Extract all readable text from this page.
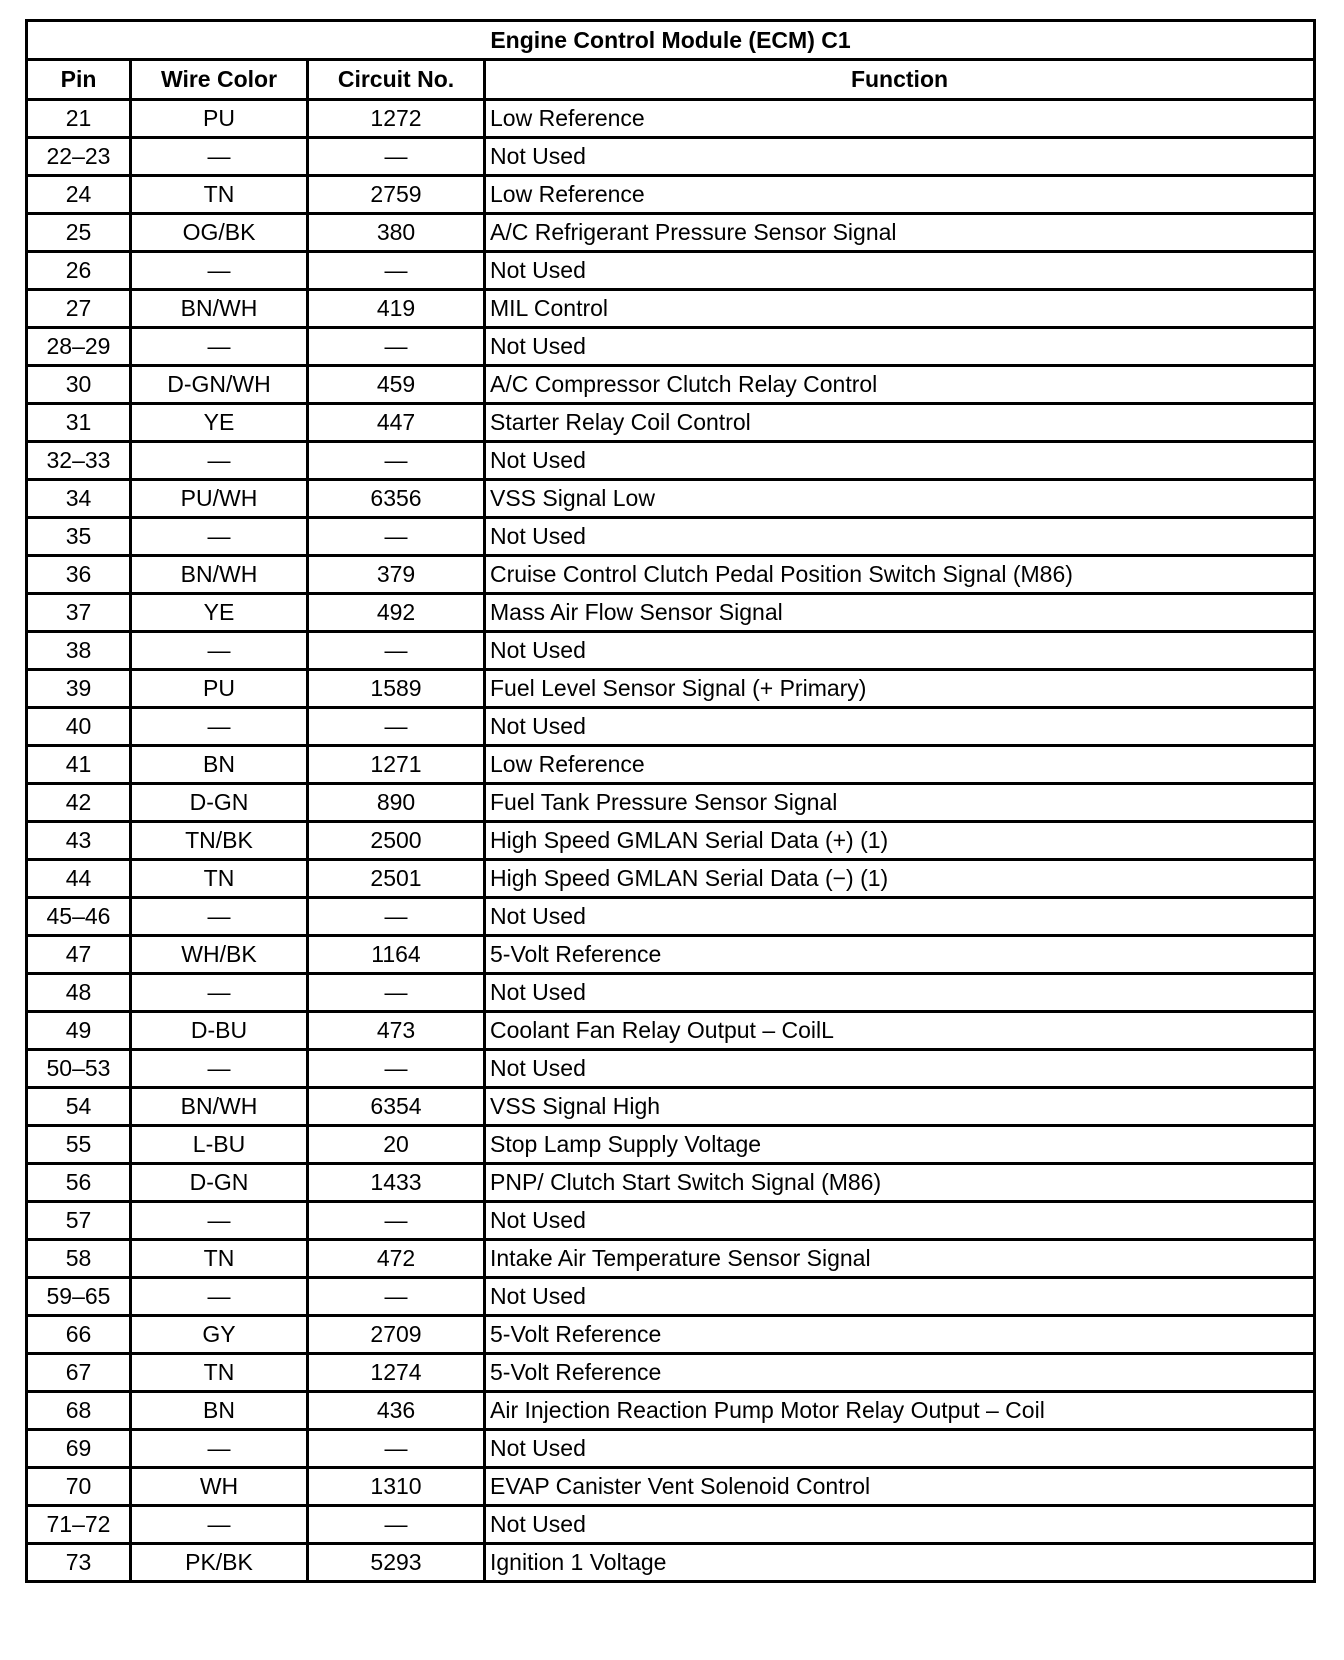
Engine Control Module (ECM) C1			
Pin	Wire Color	Circuit No.	Function
21	PU	1272	Low Reference
22–23	—	—	Not Used
24	TN	2759	Low Reference
25	OG/BK	380	A/C Refrigerant Pressure Sensor Signal
26	—	—	Not Used
27	BN/WH	419	MIL Control
28–29	—	—	Not Used
30	D-GN/WH	459	A/C Compressor Clutch Relay Control
31	YE	447	Starter Relay Coil Control
32–33	—	—	Not Used
34	PU/WH	6356	VSS Signal Low
35	—	—	Not Used
36	BN/WH	379	Cruise Control Clutch Pedal Position Switch Signal (M86)
37	YE	492	Mass Air Flow Sensor Signal
38	—	—	Not Used
39	PU	1589	Fuel Level Sensor Signal (+ Primary)
40	—	—	Not Used
41	BN	1271	Low Reference
42	D-GN	890	Fuel Tank Pressure Sensor Signal
43	TN/BK	2500	High Speed GMLAN Serial Data (+) (1)
44	TN	2501	High Speed GMLAN Serial Data (−) (1)
45–46	—	—	Not Used
47	WH/BK	1164	5-Volt Reference
48	—	—	Not Used
49	D-BU	473	Coolant Fan Relay Output – CoilL
50–53	—	—	Not Used
54	BN/WH	6354	VSS Signal High
55	L-BU	20	Stop Lamp Supply Voltage
56	D-GN	1433	PNP/ Clutch Start Switch Signal (M86)
57	—	—	Not Used
58	TN	472	Intake Air Temperature Sensor Signal
59–65	—	—	Not Used
66	GY	2709	5-Volt Reference
67	TN	1274	5-Volt Reference
68	BN	436	Air Injection Reaction Pump Motor Relay Output – Coil
69	—	—	Not Used
70	WH	1310	EVAP Canister Vent Solenoid Control
71–72	—	—	Not Used
73	PK/BK	5293	Ignition 1 Voltage
